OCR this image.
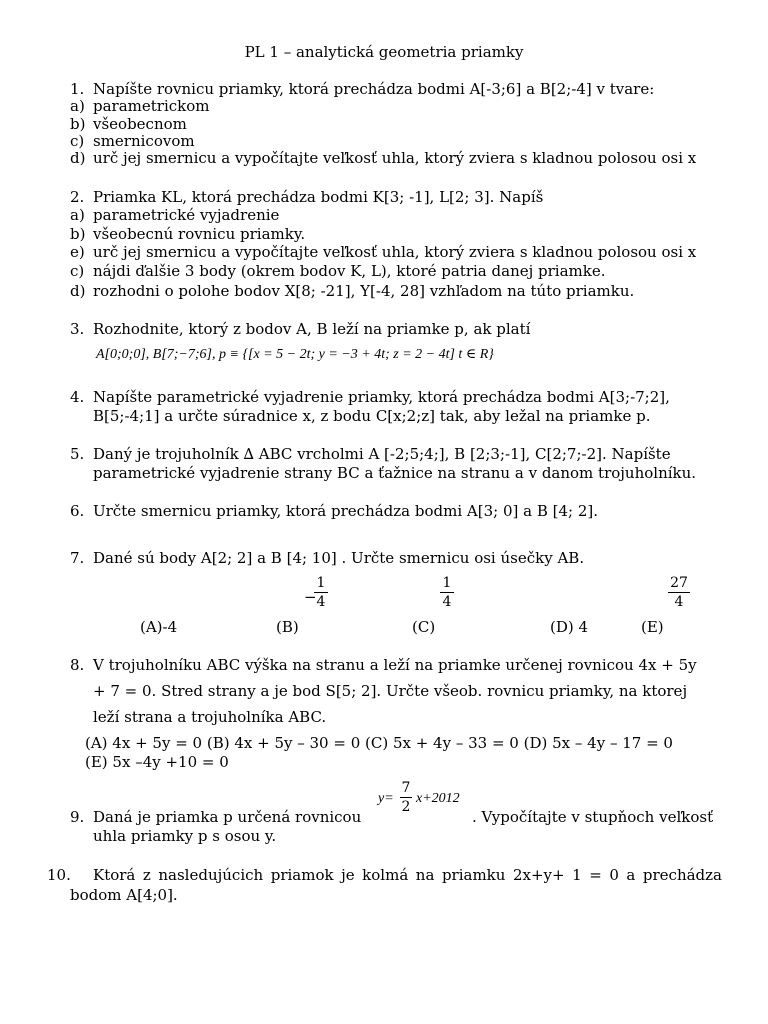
PL 1 – analytická geometria priamky
1. Napíšte rovnicu priamky, ktorá prechádza bodmi A[-3;6] a B[2;-4] v tvare:
a) parametrickom
b) všeobecnom
c) smernicovom
d) urč jej smernicu a vypočítajte veľkosť uhla, ktorý zviera s kladnou polosou osi x
2. Priamka KL, ktorá prechádza bodmi K[3; -1], L[2; 3]. Napíš
a) parametrické vyjadrenie
b) všeobecnú rovnicu priamky.
e) urč jej smernicu a vypočítajte veľkosť uhla, ktorý zviera s kladnou polosou osi x
c) nájdi ďalšie 3 body (okrem bodov K, L), ktoré patria danej priamke.
d) rozhodni o polohe bodov X[8; -21], Y[-4, 28] vzhľadom na túto priamku.
3. Rozhodnite, ktorý z bodov A, B leží na priamke p, ak platí
A[0;0;0], B[7;−7;6], p ≡ {[x = 5 − 2t; y = −3 + 4t; z = 2 − 4t] t ∈ R}
4. Napíšte parametrické vyjadrenie priamky, ktorá prechádza bodmi A[3;-7;2],
B[5;-4;1] a určte súradnice x, z bodu C[x;2;z] tak, aby ležal na priamke p.
5. Daný je trojuholník ∆ ABC vrcholmi A [-2;5;4;], B [2;3;-1], C[2;7;-2]. Napíšte
parametrické vyjadrenie strany BC a ťažnice na stranu a v danom trojuholníku.
6. Určte smernicu priamky, ktorá prechádza bodmi A[3; 0] a B [4; 2].
7. Dané sú body A[2; 2] a B [4; 10] . Určte smernicu osi úsečky AB.
−
1
4
1
4
27
4
(A)-4	(B)	(C)	(D) 4	(E)
8. V trojuholníku ABC výška na stranu a leží na priamke určenej rovnicou 4x + 5y
+ 7 = 0. Stred strany a je bod S[5; 2]. Určte všeob. rovnicu priamky, na ktorej
leží strana a trojuholníka ABC.
(A) 4x + 5y = 0 (B) 4x + 5y – 30 = 0 (C) 5x + 4y – 33 = 0 (D) 5x – 4y – 17 = 0
(E) 5x –4y +10 = 0
y=
7
2
x+2012
9. Daná je priamka p určená rovnicou	. Vypočítajte v stupňoch veľkosť
uhla priamky p s osou y.
10. Ktorá z nasledujúcich priamok je kolmá na priamku 2x+y+ 1 = 0 a prechádza
bodom A[4;0].
